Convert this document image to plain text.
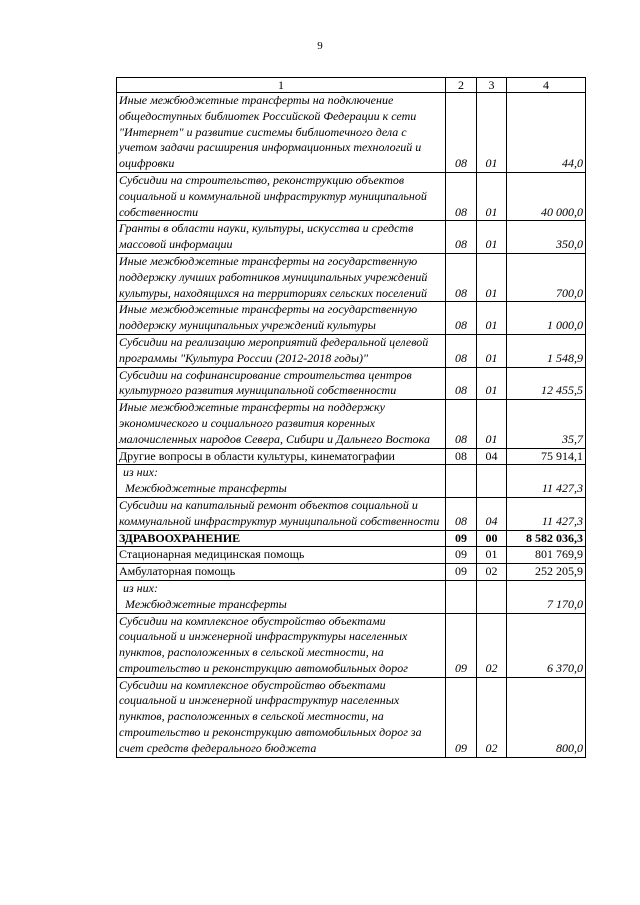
9
1	2	3	4
Иные межбюджетные трансферты на подключение общедоступных библиотек Российской Федерации к сети "Интернет" и развитие системы библиотечного дела с учетом задачи расширения информационных технологий и оцифровки	08	01	44,0
Субсидии на строительство, реконструкцию объектов социальной и коммунальной инфраструктур муниципальной собственности	08	01	40 000,0
Гранты в области науки, культуры, искусства и средств массовой информации	08	01	350,0
Иные межбюджетные трансферты на государственную поддержку лучших работников муниципальных учреждений культуры, находящихся на территориях сельских поселений	08	01	700,0
Иные межбюджетные трансферты на государственную поддержку муниципальных учреждений культуры	08	01	1 000,0
Субсидии на реализацию мероприятий федеральной целевой программы "Культура России (2012-2018 годы)"	08	01	1 548,9
Субсидии на софинансирование строительства центров культурного развития муниципальной собственности	08	01	12 455,5
Иные межбюджетные трансферты на поддержку экономического и социального развития коренных малочисленных народов Севера, Сибири и Дальнего Востока	08	01	35,7
Другие вопросы в области культуры, кинематографии	08	04	75 914,1

из них:
Межбюджетные трансферты			11 427,3
Субсидии на капитальный ремонт объектов социальной и коммунальной инфраструктур муниципальной собственности	08	04	11 427,3
ЗДРАВООХРАНЕНИЕ	09	00	8 582 036,3
Стационарная медицинская помощь	09	01	801 769,9
Амбулаторная помощь	09	02	252 205,9

из них:
Межбюджетные трансферты			7 170,0
Субсидии на комплексное обустройство объектами социальной и инженерной инфраструктуры населенных пунктов, расположенных в сельской местности, на строительство и реконструкцию автомобильных дорог	09	02	6 370,0
Субсидии на комплексное обустройство объектами социальной и инженерной инфраструктур населенных пунктов, расположенных в сельской местности, на строительство и реконструкцию автомобильных дорог за счет средств федерального бюджета	09	02	800,0
